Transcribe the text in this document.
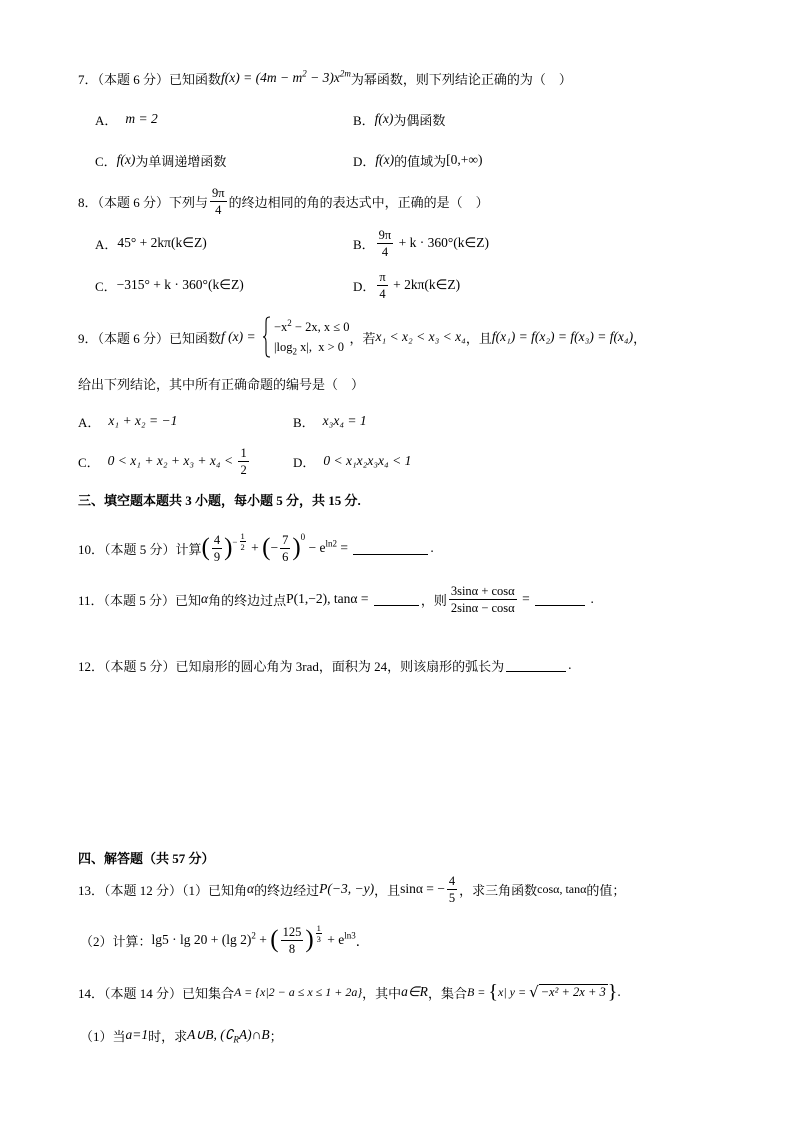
7．（本题 6 分）已知函数 $f(x) = (4m - m^2 - 3)x^{2m}$ 为幂函数，则下列结论正确的为（　）
A． m = 2	B． f(x) 为偶函数
C． f(x) 为单调递增函数	D． f(x) 的值域为 [0,+∞)
8．（本题 6 分）下列与 $\frac{9\pi}{4}$ 的终边相同的角的表达式中，正确的是（　）
A． 45° + 2kπ(k∈Z)	B． $\frac{9\pi}{4} + k$ · 360°(k∈Z)
C． −315° + k · 360°(k∈Z)	D． $\frac{\pi}{4}$ + 2kπ(k∈Z)
9．（本题 6 分）已知函数 f (x) =
$-x^2 - 2x$, x ≤ 0
$|\log_2$ x|,  x > 0
，若 x₁ < x₂ < x₃ < x₄ ，且 f(x₁) = f(x₂) = f(x₃) = f(x₄) ，
给出下列结论，其中所有正确命题的编号是（　）
A． x₁ + x₂ = −1	B． x₃x₄ = 1
C． $0 < x_1 + x_2 + x_3 + x_4 < \frac{1}{2}$	D． 0 < x₁x₂x₃x₄ < 1
三、填空题本题共 3 小题，每小题 5 分，共 15 分.
10．（本题 5 分）计算 ( $\frac{4}{9}$ ) − $\frac{1}{2}$ + ( − $\frac{7}{6}$ ) 0
− $e^{ln2}$ =	.
11．（本题 5 分）已知 α 角的终边过点 P(1,−2), tanα =	，则 $\frac{3\sin\alpha + \cos\alpha}{2\sin\alpha - \cos\alpha}$ =	.
12．（本题 5 分）已知扇形的圆心角为 3rad，面积为 24，则该扇形的弧长为	.
四、解答题（共 57 分）
13．（本题 12 分）（1）已知角 α 的终边经过 P(−3, −y) ，且 sinα = − $\frac{4}{5}$ ，求三角函数 cosα, tanα 的值；
（2）计算： lg5 · lg 20 + (lg 2)$^2$ + ( $\frac{125}{8}$ ) $\frac{1}{3} + e^{ln3}$ ．
14．（本题 14 分）已知集合 A = {x|2 − a ≤ x ≤ 1 + 2a} ，其中 a∈R ，集合 B = { x| y = √ −x² + 2x + 3 } .
（1）当 a=1 时，求 A∪B, $(∁_RA)\cap B$ ；
